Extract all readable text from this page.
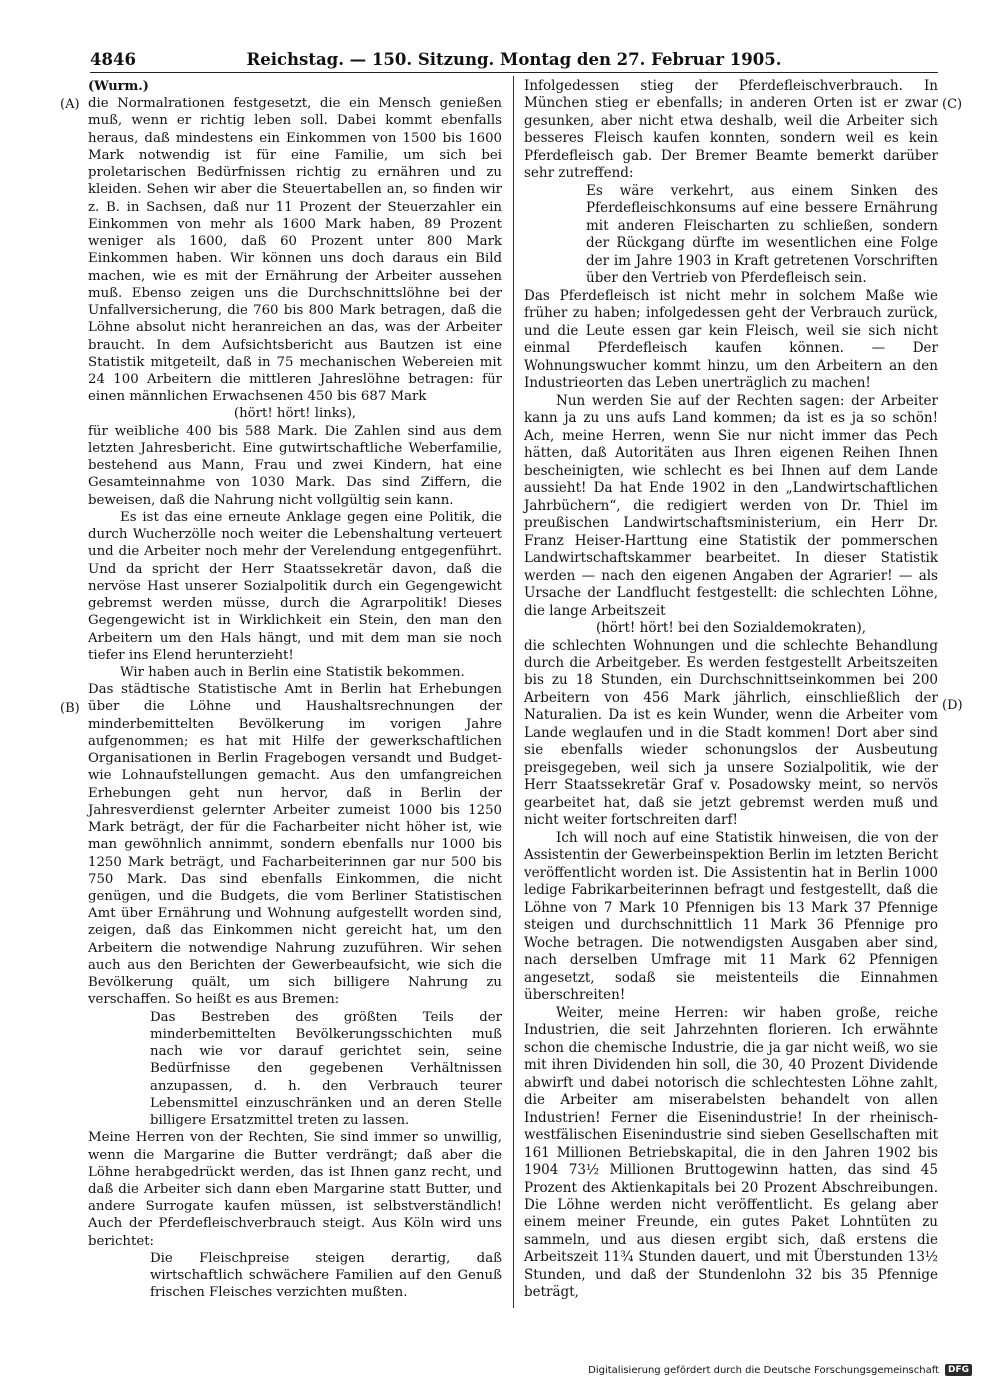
4846	Reichstag. — 150. Sitzung. Montag den 27. Februar 1905.
(A)
(B)
(C)
(D)

(Wurm.)

die Normalrationen festgesetzt, die ein Mensch genießen muß, wenn er richtig leben soll. Dabei kommt ebenfalls heraus, daß mindestens ein Einkommen von 1500 bis 1600 Mark notwendig ist für eine Familie, um sich bei proletarischen Bedürfnissen richtig zu ernähren und zu kleiden. Sehen wir aber die Steuertabellen an, so finden wir z. B. in Sachsen, daß nur 11 Prozent der Steuerzahler ein Einkommen von mehr als 1600 Mark haben, 89 Prozent weniger als 1600, daß 60 Prozent unter 800 Mark Einkommen haben. Wir können uns doch daraus ein Bild machen, wie es mit der Ernährung der Arbeiter aussehen muß. Ebenso zeigen uns die Durchschnittslöhne bei der Unfallversicherung, die 760 bis 800 Mark betragen, daß die Löhne absolut nicht heranreichen an das, was der Arbeiter braucht. In dem Aufsichtsbericht aus Bautzen ist eine Statistik mitgeteilt, daß in 75 mechanischen Webereien mit 24 100 Arbeitern die mittleren Jahreslöhne betragen: für einen männlichen Erwachsenen 450 bis 687 Mark

(hört! hört! links),

für weibliche 400 bis 588 Mark. Die Zahlen sind aus dem letzten Jahresbericht. Eine gutwirtschaftliche Weberfamilie, bestehend aus Mann, Frau und zwei Kindern, hat eine Gesamteinnahme von 1030 Mark. Das sind Ziffern, die beweisen, daß die Nahrung nicht vollgültig sein kann.

Es ist das eine erneute Anklage gegen eine Politik, die durch Wucherzölle noch weiter die Lebenshaltung verteuert und die Arbeiter noch mehr der Verelendung entgegenführt. Und da spricht der Herr Staatssekretär davon, daß die nervöse Hast unserer Sozialpolitik durch ein Gegengewicht gebremst werden müsse, durch die Agrarpolitik! Dieses Gegengewicht ist in Wirklichkeit ein Stein, den man den Arbeitern um den Hals hängt, und mit dem man sie noch tiefer ins Elend herunterzieht!

Wir haben auch in Berlin eine Statistik bekommen.

Das städtische Statistische Amt in Berlin hat Erhebungen über die Löhne und Haushaltsrechnungen der minderbemittelten Bevölkerung im vorigen Jahre aufgenommen; es hat mit Hilfe der gewerkschaftlichen Organisationen in Berlin Fragebogen versandt und Budget- wie Lohnaufstellungen gemacht. Aus den umfangreichen Erhebungen geht nun hervor, daß in Berlin der Jahresverdienst gelernter Arbeiter zumeist 1000 bis 1250 Mark beträgt, der für die Facharbeiter nicht höher ist, wie man gewöhnlich annimmt, sondern ebenfalls nur 1000 bis 1250 Mark beträgt, und Facharbeiterinnen gar nur 500 bis 750 Mark. Das sind ebenfalls Einkommen, die nicht genügen, und die Budgets, die vom Berliner Statistischen Amt über Ernährung und Wohnung aufgestellt worden sind, zeigen, daß das Einkommen nicht gereicht hat, um den Arbeitern die notwendige Nahrung zuzuführen. Wir sehen auch aus den Berichten der Gewerbeaufsicht, wie sich die Bevölkerung quält, um sich billigere Nahrung zu verschaffen. So heißt es aus Bremen:

Das Bestreben des größten Teils der minderbemittelten Bevölkerungsschichten muß nach wie vor darauf gerichtet sein, seine Bedürfnisse den gegebenen Verhältnissen anzupassen, d. h. den Verbrauch teurer Lebensmittel einzuschränken und an deren Stelle billigere Ersatzmittel treten zu lassen.

Meine Herren von der Rechten, Sie sind immer so unwillig, wenn die Margarine die Butter verdrängt; daß aber die Löhne herabgedrückt werden, das ist Ihnen ganz recht, und daß die Arbeiter sich dann eben Margarine statt Butter, und andere Surrogate kaufen müssen, ist selbstverständlich! Auch der Pferdefleischverbrauch steigt. Aus Köln wird uns berichtet:

Die Fleischpreise steigen derartig, daß wirtschaftlich schwächere Familien auf den Genuß frischen Fleisches verzichten mußten.

Infolgedessen stieg der Pferdefleischverbrauch. In München stieg er ebenfalls; in anderen Orten ist er zwar gesunken, aber nicht etwa deshalb, weil die Arbeiter sich besseres Fleisch kaufen konnten, sondern weil es kein Pferdefleisch gab. Der Bremer Beamte bemerkt darüber sehr zutreffend:

Es wäre verkehrt, aus einem Sinken des Pferdefleischkonsums auf eine bessere Ernährung mit anderen Fleischarten zu schließen, sondern der Rückgang dürfte im wesentlichen eine Folge der im Jahre 1903 in Kraft getretenen Vorschriften über den Vertrieb von Pferdefleisch sein.

Das Pferdefleisch ist nicht mehr in solchem Maße wie früher zu haben; infolgedessen geht der Verbrauch zurück, und die Leute essen gar kein Fleisch, weil sie sich nicht einmal Pferdefleisch kaufen können. — Der Wohnungswucher kommt hinzu, um den Arbeitern an den Industrieorten das Leben unerträglich zu machen!

Nun werden Sie auf der Rechten sagen: der Arbeiter kann ja zu uns aufs Land kommen; da ist es ja so schön! Ach, meine Herren, wenn Sie nur nicht immer das Pech hätten, daß Autoritäten aus Ihren eigenen Reihen Ihnen bescheinigten, wie schlecht es bei Ihnen auf dem Lande aussieht! Da hat Ende 1902 in den „Landwirtschaftlichen Jahrbüchern“, die redigiert werden von Dr. Thiel im preußischen Landwirtschaftsministerium, ein Herr Dr. Franz Heiser-Harttung eine Statistik der pommerschen Landwirtschaftskammer bearbeitet. In dieser Statistik werden — nach den eigenen Angaben der Agrarier! — als Ursache der Landflucht festgestellt: die schlechten Löhne, die lange Arbeitszeit

(hört! hört! bei den Sozialdemokraten),

die schlechten Wohnungen und die schlechte Behandlung durch die Arbeitgeber. Es werden festgestellt Arbeitszeiten bis zu 18 Stunden, ein Durchschnittseinkommen bei 200 Arbeitern von 456 Mark jährlich, einschließlich der Naturalien. Da ist es kein Wunder, wenn die Arbeiter vom Lande weglaufen und in die Stadt kommen! Dort aber sind sie ebenfalls wieder schonungslos der Ausbeutung preisgegeben, weil sich ja unsere Sozialpolitik, wie der Herr Staatssekretär Graf v. Posadowsky meint, so nervös gearbeitet hat, daß sie jetzt gebremst werden muß und nicht weiter fortschreiten darf!

Ich will noch auf eine Statistik hinweisen, die von der Assistentin der Gewerbeinspektion Berlin im letzten Bericht veröffentlicht worden ist. Die Assistentin hat in Berlin 1000 ledige Fabrikarbeiterinnen befragt und festgestellt, daß die Löhne von 7 Mark 10 Pfennigen bis 13 Mark 37 Pfennige steigen und durchschnittlich 11 Mark 36 Pfennige pro Woche betragen. Die notwendigsten Ausgaben aber sind, nach derselben Umfrage mit 11 Mark 62 Pfennigen angesetzt, sodaß sie meistenteils die Einnahmen überschreiten!

Weiter, meine Herren: wir haben große, reiche Industrien, die seit Jahrzehnten florieren. Ich erwähnte schon die chemische Industrie, die ja gar nicht weiß, wo sie mit ihren Dividenden hin soll, die 30, 40 Prozent Dividende abwirft und dabei notorisch die schlechtesten Löhne zahlt, die Arbeiter am miserabelsten behandelt von allen Industrien! Ferner die Eisenindustrie! In der rheinisch-westfälischen Eisenindustrie sind sieben Gesellschaften mit 161 Millionen Betriebskapital, die in den Jahren 1902 bis 1904 73½ Millionen Bruttogewinn hatten, das sind 45 Prozent des Aktienkapitals bei 20 Prozent Abschreibungen. Die Löhne werden nicht veröffentlicht. Es gelang aber einem meiner Freunde, ein gutes Paket Lohntüten zu sammeln, und aus diesen ergibt sich, daß erstens die Arbeitszeit 11¾ Stunden dauert, und mit Überstunden 13½ Stunden, und daß der Stundenlohn 32 bis 35 Pfennige beträgt,

Digitalisierung gefördert durch die Deutsche Forschungsgemeinschaft	DFG
